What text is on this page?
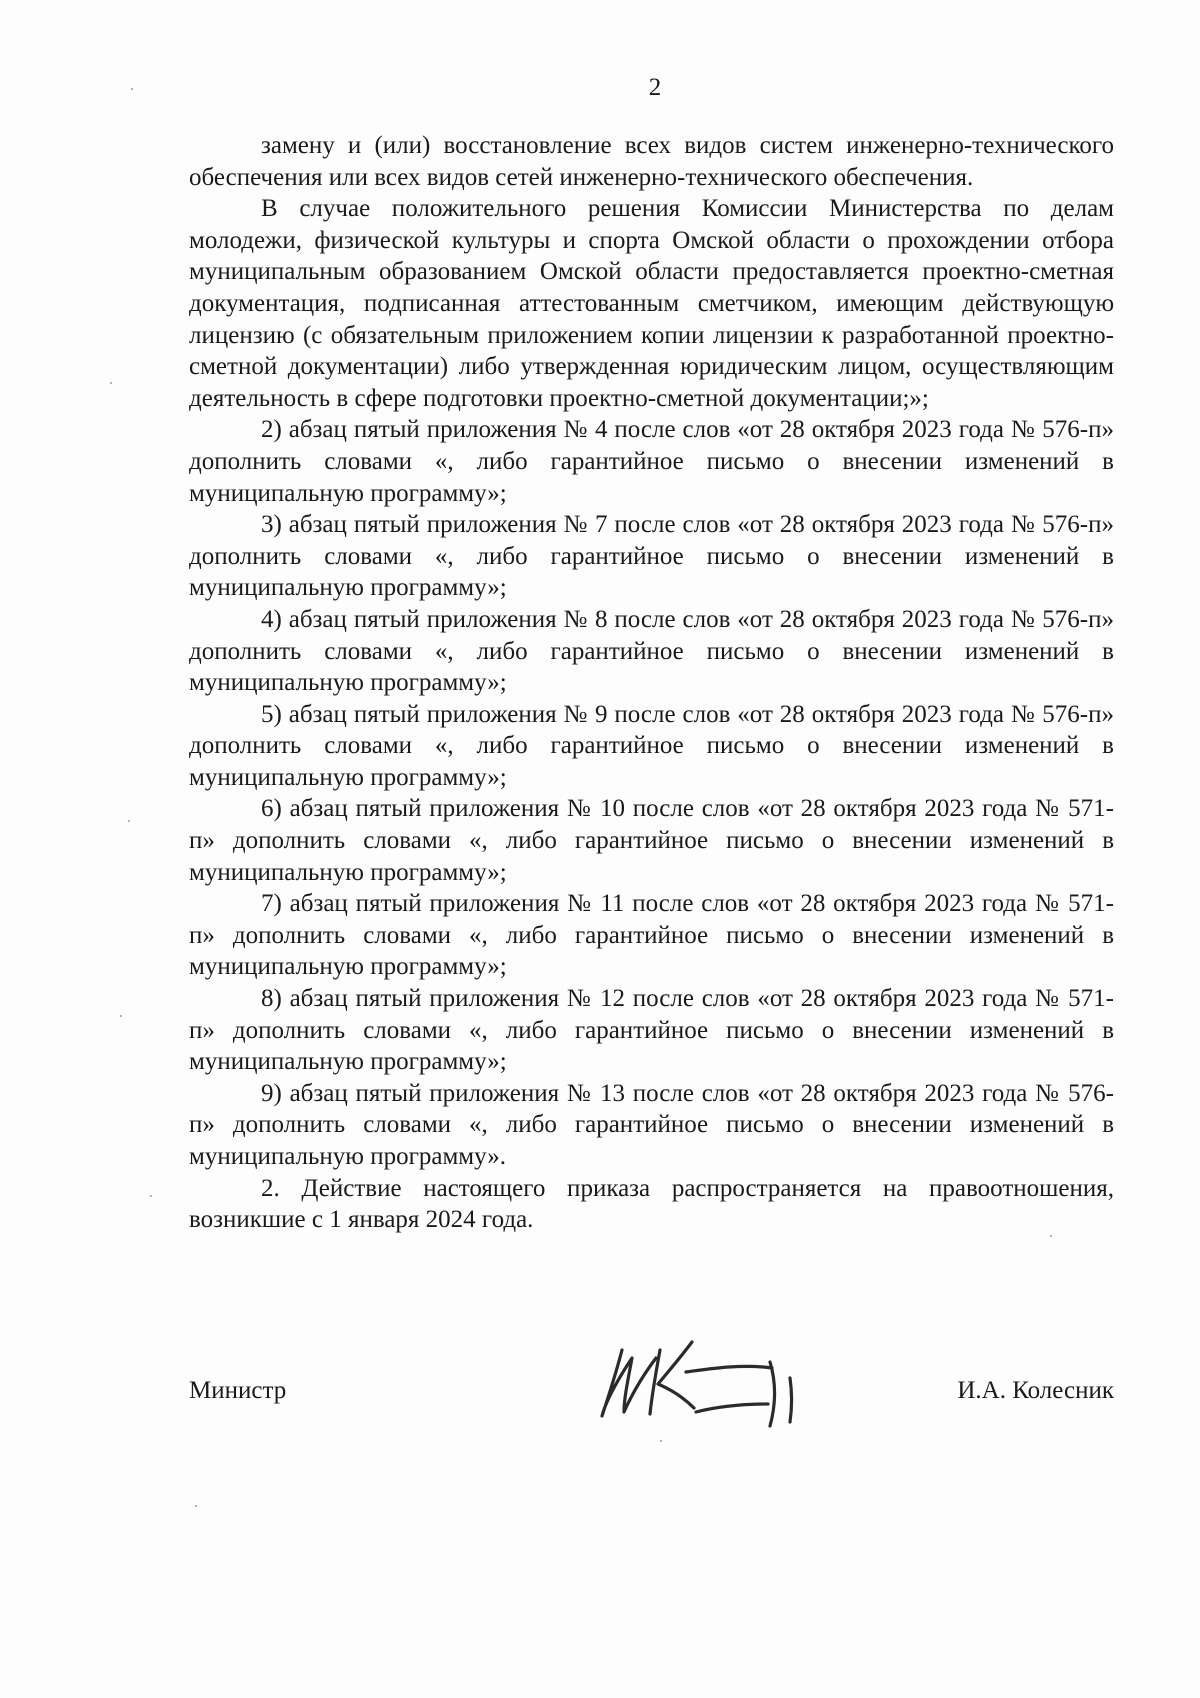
2

замену и (или) восстановление всех видов систем инженерно-технического обеспечения или всех видов сетей инженерно-технического обеспечения.

В случае положительного решения Комиссии Министерства по делам молодежи, физической культуры и спорта Омской области о прохождении отбора муниципальным образованием Омской области предоставляется проектно-сметная документация, подписанная аттестованным сметчиком, имеющим действующую лицензию (с обязательным приложением копии лицензии к разработанной проектно-сметной документации) либо утвержденная юридическим лицом, осуществляющим деятельность в сфере подготовки проектно-сметной документации;»;

2) абзац пятый приложения № 4 после слов «от 28 октября 2023 года № 576-п» дополнить словами «, либо гарантийное письмо о внесении изменений в муниципальную программу»;

3) абзац пятый приложения № 7 после слов «от 28 октября 2023 года № 576-п» дополнить словами «, либо гарантийное письмо о внесении изменений в муниципальную программу»;

4) абзац пятый приложения № 8 после слов «от 28 октября 2023 года № 576-п» дополнить словами «, либо гарантийное письмо о внесении изменений в муниципальную программу»;

5) абзац пятый приложения № 9 после слов «от 28 октября 2023 года № 576-п» дополнить словами «, либо гарантийное письмо о внесении изменений в муниципальную программу»;

6) абзац пятый приложения № 10 после слов «от 28 октября 2023 года № 571-п» дополнить словами «, либо гарантийное письмо о внесении изменений в муниципальную программу»;

7) абзац пятый приложения № 11 после слов «от 28 октября 2023 года № 571-п» дополнить словами «, либо гарантийное письмо о внесении изменений в муниципальную программу»;

8) абзац пятый приложения № 12 после слов «от 28 октября 2023 года № 571-п» дополнить словами «, либо гарантийное письмо о внесении изменений в муниципальную программу»;

9) абзац пятый приложения № 13 после слов «от 28 октября 2023 года № 576-п» дополнить словами «, либо гарантийное письмо о внесении изменений в муниципальную программу».

2. Действие настоящего приказа распространяется на правоотношения, возникшие с 1 января 2024 года.

Министр	И.А. Колесник
